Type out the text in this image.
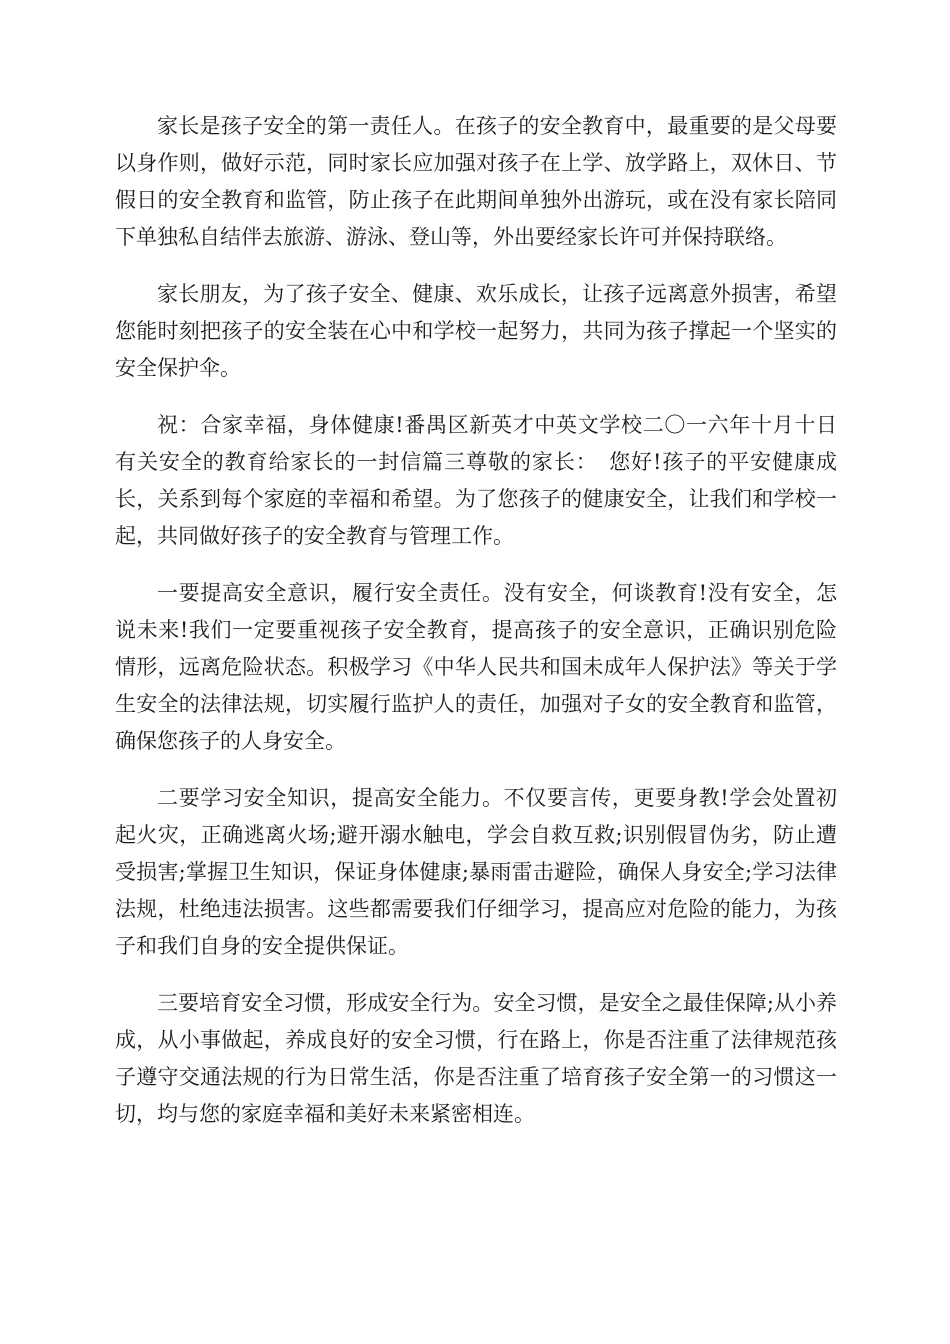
家长是孩子安全的第一责任人。在孩子的安全教育中，最重要的是父母要以身作则，做好示范，同时家长应加强对孩子在上学、放学路上，双休日、节假日的安全教育和监管，防止孩子在此期间单独外出游玩，或在没有家长陪同下单独私自结伴去旅游、游泳、登山等，外出要经家长许可并保持联络。

家长朋友，为了孩子安全、健康、欢乐成长，让孩子远离意外损害，希望您能时刻把孩子的安全装在心中和学校一起努力，共同为孩子撑起一个坚实的安全保护伞。

祝：合家幸福，身体健康!番禺区新英才中英文学校二〇一六年十月十日有关安全的教育给家长的一封信篇三尊敬的家长：　您好!孩子的平安健康成长，关系到每个家庭的幸福和希望。为了您孩子的健康安全，让我们和学校一起，共同做好孩子的安全教育与管理工作。

一要提高安全意识，履行安全责任。没有安全，何谈教育!没有安全，怎说未来!我们一定要重视孩子安全教育，提高孩子的安全意识，正确识别危险情形，远离危险状态。积极学习《中华人民共和国未成年人保护法》等关于学生安全的法律法规，切实履行监护人的责任，加强对子女的安全教育和监管，确保您孩子的人身安全。

二要学习安全知识，提高安全能力。不仅要言传，更要身教!学会处置初起火灾，正确逃离火场;避开溺水触电，学会自救互救;识别假冒伪劣，防止遭受损害;掌握卫生知识，保证身体健康;暴雨雷击避险，确保人身安全;学习法律法规，杜绝违法损害。这些都需要我们仔细学习，提高应对危险的能力，为孩子和我们自身的安全提供保证。

三要培育安全习惯，形成安全行为。安全习惯，是安全之最佳保障;从小养成，从小事做起，养成良好的安全习惯，行在路上，你是否注重了法律规范孩子遵守交通法规的行为日常生活，你是否注重了培育孩子安全第一的习惯这一切，均与您的家庭幸福和美好未来紧密相连。
